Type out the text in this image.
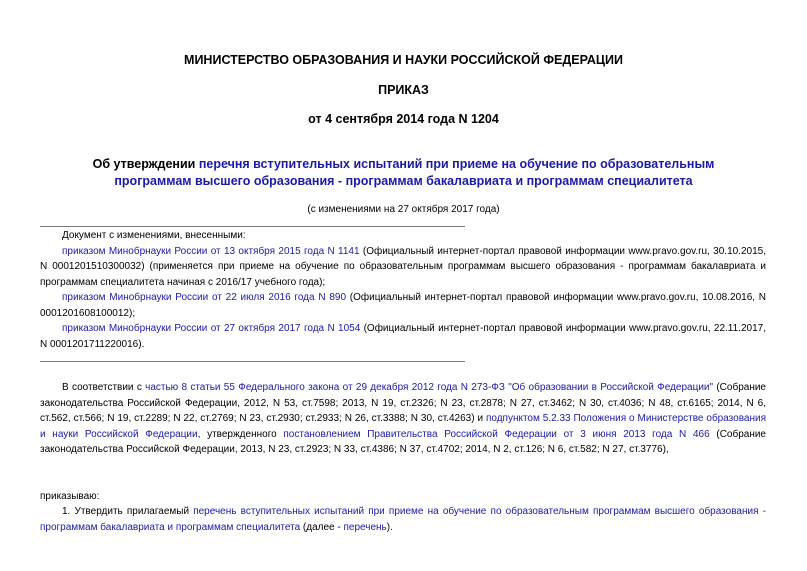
МИНИСТЕРСТВО ОБРАЗОВАНИЯ И НАУКИ РОССИЙСКОЙ ФЕДЕРАЦИИ
ПРИКАЗ
от 4 сентября 2014 года N 1204
Об утверждении перечня вступительных испытаний при приеме на обучение по образовательным программам высшего образования - программам бакалавриата и программам специалитета
(с изменениями на 27 октября 2017 года)

Документ с изменениями, внесенными:

приказом Минобрнауки России от 13 октября 2015 года N 1141 (Официальный интернет-портал правовой информации www.pravo.gov.ru, 30.10.2015, N 0001201510300032) (применяется при приеме на обучение по образовательным программам высшего образования - программам бакалавриата и программам специалитета начиная с 2016/17 учебного года);

приказом Минобрнауки России от 22 июля 2016 года N 890 (Официальный интернет-портал правовой информации www.pravo.gov.ru, 10.08.2016, N 0001201608100012);

приказом Минобрнауки России от 27 октября 2017 года N 1054 (Официальный интернет-портал правовой информации www.pravo.gov.ru, 22.11.2017, N 0001201711220016).

В соответствии с частью 8 статьи 55 Федерального закона от 29 декабря 2012 года N 273-ФЗ "Об образовании в Российской Федерации" (Собрание законодательства Российской Федерации, 2012, N 53, ст.7598; 2013, N 19, ст.2326; N 23, ст.2878; N 27, ст.3462; N 30, ст.4036; N 48, ст.6165; 2014, N 6, ст.562, ст.566; N 19, ст.2289; N 22, ст.2769; N 23, ст.2930; ст.2933; N 26, ст.3388; N 30, ст.4263) и подпунктом 5.2.33 Положения о Министерстве образования и науки Российской Федерации, утвержденного постановлением Правительства Российской Федерации от 3 июня 2013 года N 466 (Собрание законодательства Российской Федерации, 2013, N 23, ст.2923; N 33, ст.4386; N 37, ст.4702; 2014, N 2, ст.126; N 6, ст.582; N 27, ст.3776),

приказываю:

1. Утвердить прилагаемый перечень вступительных испытаний при приеме на обучение по образовательным программам высшего образования - программам бакалавриата и программам специалитета (далее - перечень).
